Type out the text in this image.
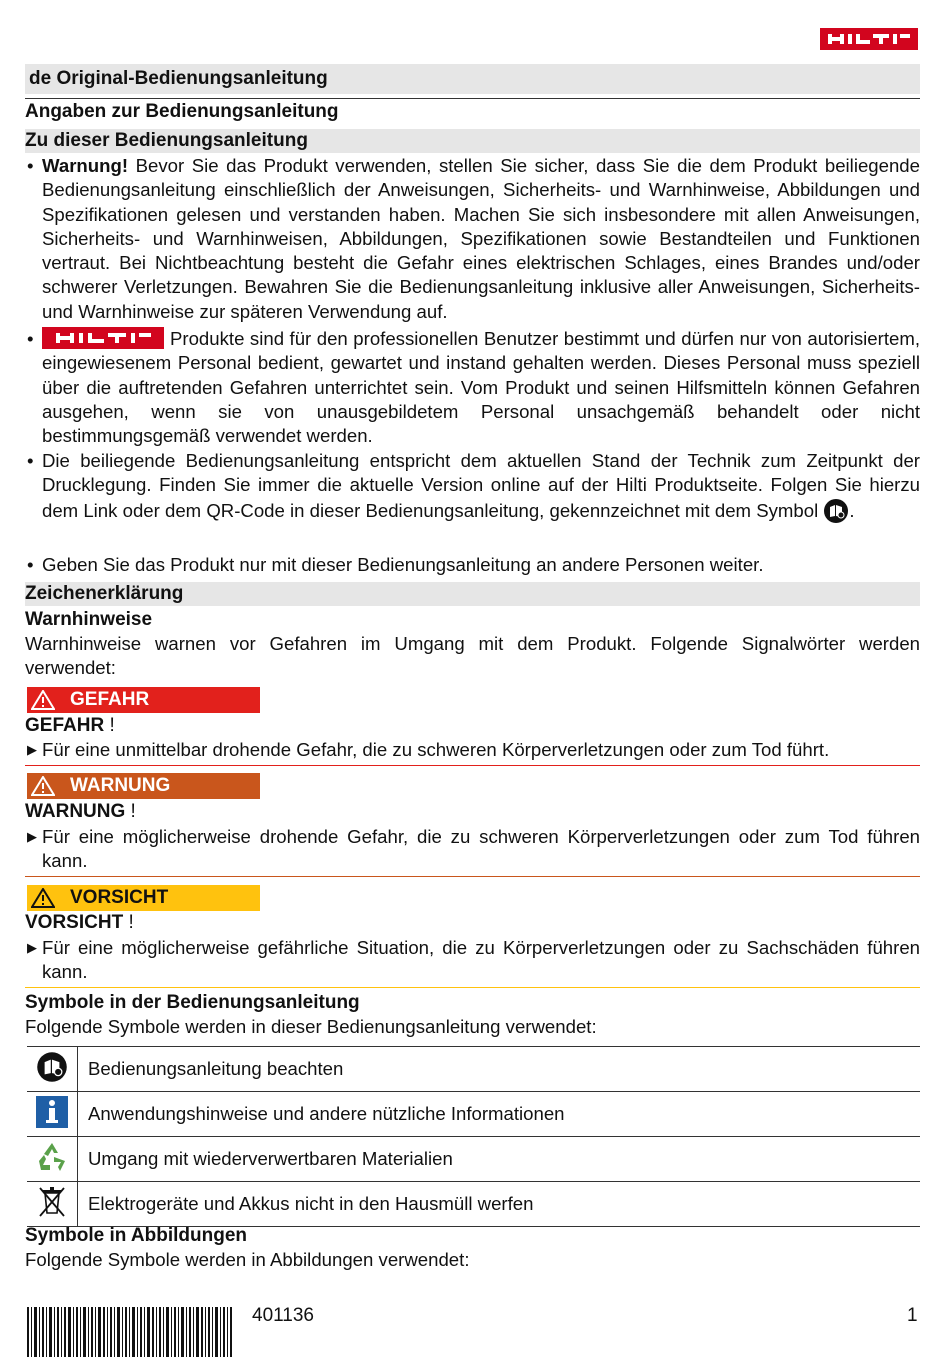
de Original-Bedienungsanleitung
Angaben zur Bedienungsanleitung
Zu dieser Bedienungsanleitung
• Warnung! Bevor Sie das Produkt verwenden, stellen Sie sicher, dass Sie die dem Produkt beiliegende Bedienungsanleitung einschließlich der Anweisungen, Sicherheits- und Warnhinweise, Abbildungen und Spezifikationen gelesen und verstanden haben. Machen Sie sich insbesondere mit allen Anweisungen, Sicherheits- und Warnhinweisen, Abbildungen, Spezifikationen sowie Bestandteilen und Funktionen vertraut. Bei Nichtbeachtung besteht die Gefahr eines elektrischen Schlages, eines Brandes und/oder schwerer Verletzungen. Bewahren Sie die Bedienungsanleitung inklusive aller Anweisungen, Sicherheits- und Warnhinweise zur späteren Verwendung auf.
•	Produkte sind für den professionellen Benutzer bestimmt und dürfen nur von autorisiertem, eingewiesenem Personal bedient, gewartet und instand gehalten werden. Dieses Personal muss speziell über die auftretenden Gefahren unterrichtet sein. Vom Produkt und seinen Hilfsmitteln können Gefahren ausgehen, wenn sie von unausgebildetem Personal unsachgemäß behandelt oder nicht bestimmungsgemäß verwendet werden.
• Die beiliegende Bedienungsanleitung entspricht dem aktuellen Stand der Technik zum Zeitpunkt der Drucklegung. Finden Sie immer die aktuelle Version online auf der Hilti Produktseite. Folgen Sie hierzu dem Link oder dem QR-Code in dieser Bedienungsanleitung, gekennzeichnet mit dem Symbol .
• Geben Sie das Produkt nur mit dieser Bedienungsanleitung an andere Personen weiter.
Zeichenerklärung
Warnhinweise
Warnhinweise warnen vor Gefahren im Umgang mit dem Produkt. Folgende Signalwörter werden verwendet:
GEFAHR
GEFAHR !
▶ Für eine unmittelbar drohende Gefahr, die zu schweren Körperverletzungen oder zum Tod führt.
WARNUNG
WARNUNG !
▶ Für eine möglicherweise drohende Gefahr, die zu schweren Körperverletzungen oder zum Tod führen kann.
VORSICHT
VORSICHT !
▶ Für eine möglicherweise gefährliche Situation, die zu Körperverletzungen oder zu Sachschäden führen kann.
Symbole in der Bedienungsanleitung
Folgende Symbole werden in dieser Bedienungsanleitung verwendet:
	Bedienungsanleitung beachten
	Anwendungshinweise und andere nützliche Informationen
	Umgang mit wiederverwertbaren Materialien
	Elektrogeräte und Akkus nicht in den Hausmüll werfen
Symbole in Abbildungen
Folgende Symbole werden in Abbildungen verwendet:
401136	1
